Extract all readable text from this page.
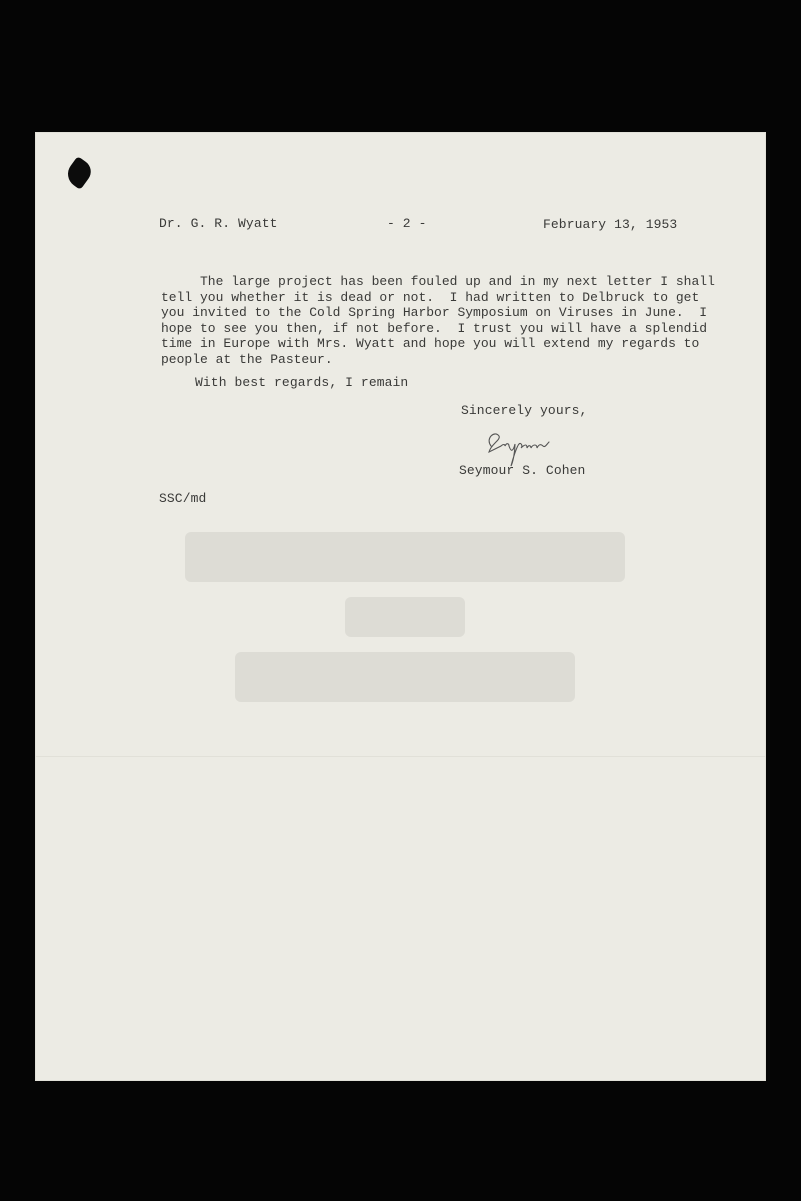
Dr. G. R. Wyatt	- 2 -	February 13, 1953
The large project has been fouled up and in my next letter I shall
tell you whether it is dead or not.  I had written to Delbruck to get
you invited to the Cold Spring Harbor Symposium on Viruses in June.  I
hope to see you then, if not before.  I trust you will have a splendid
time in Europe with Mrs. Wyatt and hope you will extend my regards to
people at the Pasteur.
With best regards, I remain
Sincerely yours,
Seymour S. Cohen
SSC/md
